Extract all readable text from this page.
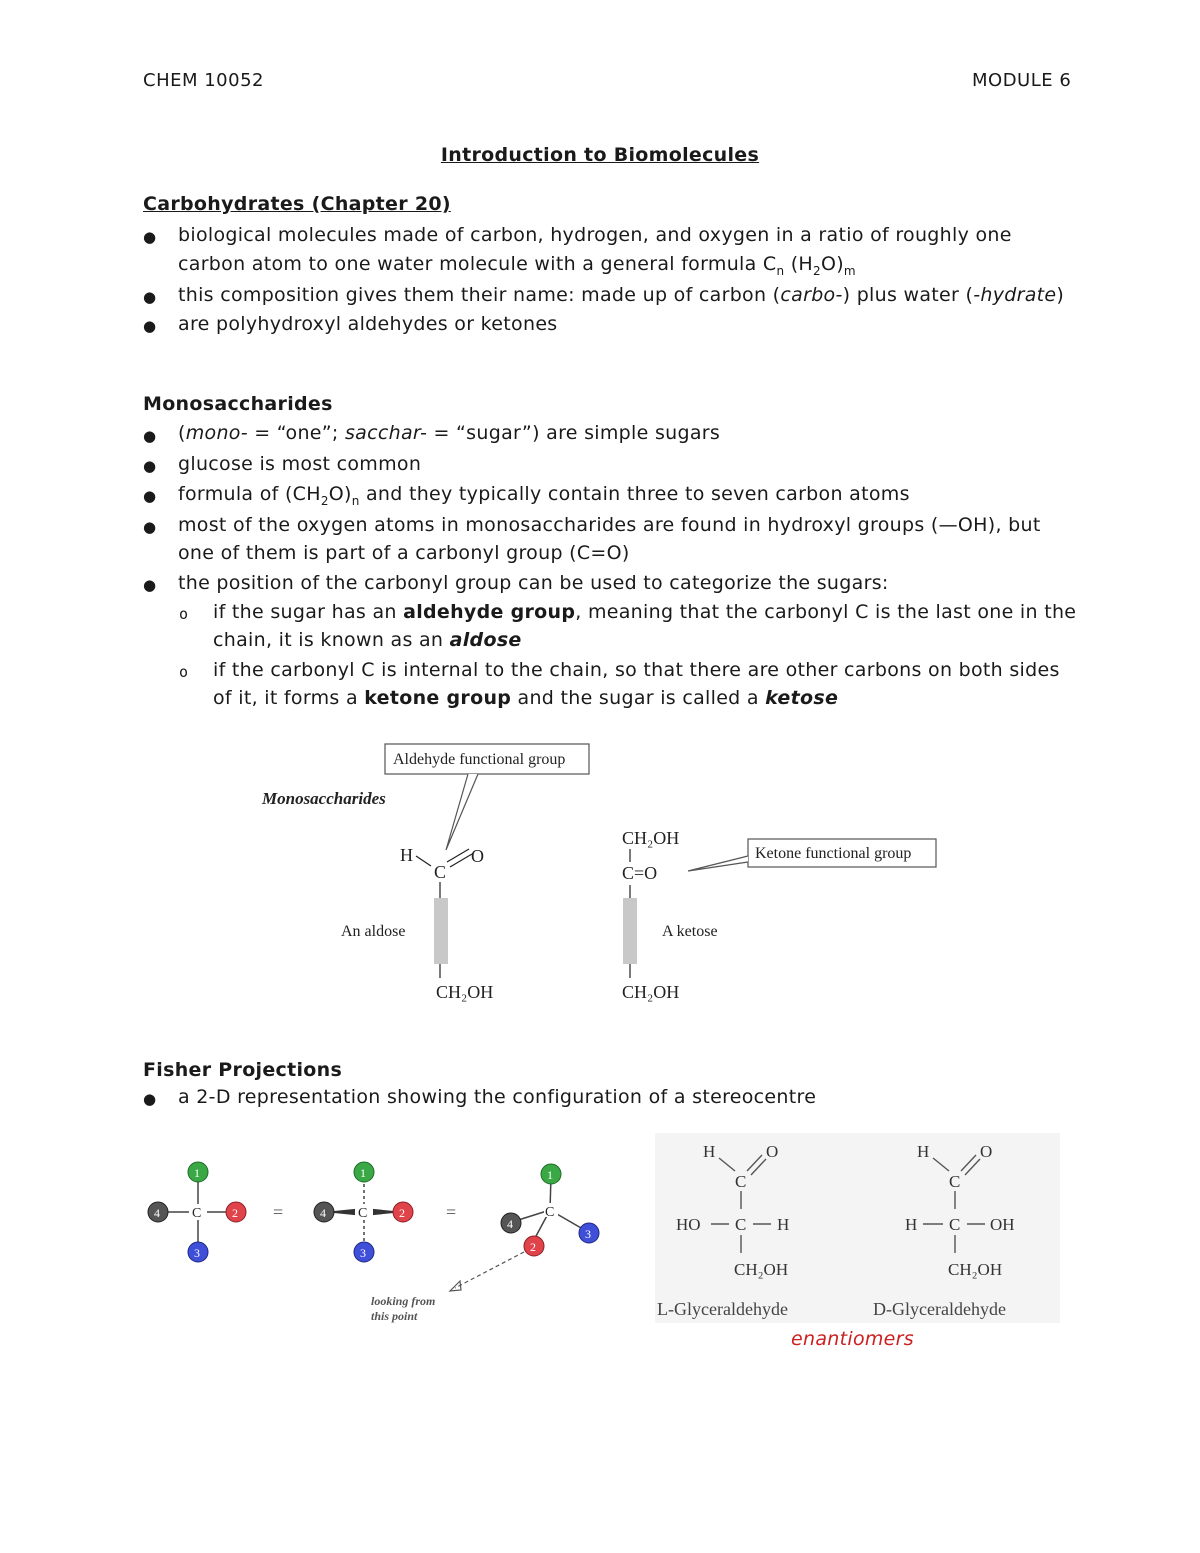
CHEM 10052	MODULE 6
Introduction to Biomolecules
Carbohydrates (Chapter 20)
● biological molecules made of carbon, hydrogen, and oxygen in a ratio of roughly one
carbon atom to one water molecule with a general formula $C_n$ $(H_2O)_m$
● this composition gives them their name: made up of carbon (carbo-) plus water (-hydrate)
● are polyhydroxyl aldehydes or ketones
Monosaccharides
● (mono- = “one”; sacchar- = “sugar”) are simple sugars
● glucose is most common
● formula of $(CH_2O)_n$ and they typically contain three to seven carbon atoms
● most of the oxygen atoms in monosaccharides are found in hydroxyl groups (—OH), but
one of them is part of a carbonyl group (C=O)
● the position of the carbonyl group can be used to categorize the sugars:
o if the sugar has an aldehyde group, meaning that the carbonyl C is the last one in the
chain, it is known as an aldose
o if the carbonyl C is internal to the chain, so that there are other carbons on both sides
of it, it forms a ketone group and the sugar is called a ketose
Monosaccharides
Aldehyde functional group
H
C
O
CH₂OH
An aldose
CH₂OH
C=O
CH₂OH
A ketose
Ketone functional group
Fisher Projections
● a 2-D representation showing the configuration of a stereocentre
C
1
2
3
4	=	C
1
2
3
4	=	C
1
3
4
2
looking from
this point
H
C
O
HO C H
CH₂OH
L-Glyceraldehyde
H
C
O
H C OH
CH₂OH
D-Glyceraldehyde
enantiomers
